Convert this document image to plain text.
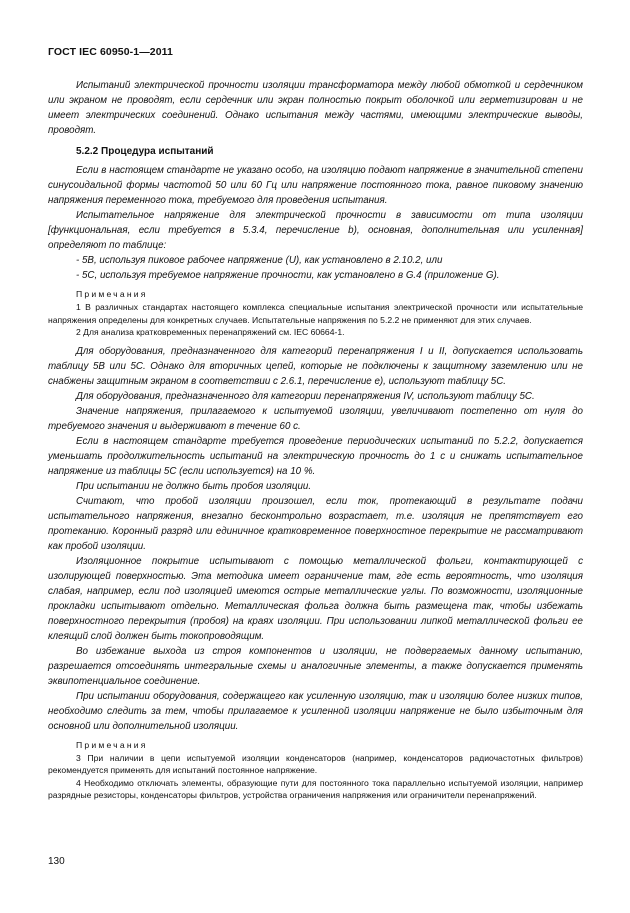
ГОСТ IEC 60950-1—2011

Испытаний электрической прочности изоляции трансформатора между любой обмоткой и сердечником или экраном не проводят, если сердечник или экран полностью покрыт оболочкой или герметизирован и не имеет электрических соединений. Однако испытания между частями, имеющими электрические выводы, проводят.

5.2.2 Процедура испытаний

Если в настоящем стандарте не указано особо, на изоляцию подают напряжение в значительной степени синусоидальной формы частотой 50 или 60 Гц или напряжение постоянного тока, равное пиковому значению напряжения переменного тока, требуемого для проведения испытания.

Испытательное напряжение для электрической прочности в зависимости от типа изоляции [функциональная, если требуется в 5.3.4, перечисление b), основная, дополнительная или усиленная] определяют по таблице:

- 5В, используя пиковое рабочее напряжение (U), как установлено в 2.10.2, или

- 5С, используя требуемое напряжение прочности, как установлено в G.4 (приложение G).

Примечания

1 В различных стандартах настоящего комплекса специальные испытания электрической прочности или испытательные напряжения определены для конкретных случаев. Испытательные напряжения по 5.2.2 не применяют для этих случаев.

2 Для анализа кратковременных перенапряжений см. IEC 60664-1.

Для оборудования, предназначенного для категорий перенапряжения I и II, допускается использовать таблицу 5В или 5С. Однако для вторичных цепей, которые не подключены к защитному заземлению или не снабжены защитным экраном в соответствии с 2.6.1, перечисление е), используют таблицу 5С.

Для оборудования, предназначенного для категории перенапряжения IV, используют таблицу 5С.

Значение напряжения, прилагаемого к испытуемой изоляции, увеличивают постепенно от нуля до требуемого значения и выдерживают в течение 60 с.

Если в настоящем стандарте требуется проведение периодических испытаний по 5.2.2, допускается уменьшать продолжительность испытаний на электрическую прочность до 1 с и снижать испытательное напряжение из таблицы 5С (если используется) на 10 %.

При испытании не должно быть пробоя изоляции.

Считают, что пробой изоляции произошел, если ток, протекающий в результате подачи испытательного напряжения, внезапно бесконтрольно возрастает, т.е. изоляция не препятствует его протеканию. Коронный разряд или единичное кратковременное поверхностное перекрытие не рассматривают как пробой изоляции.

Изоляционное покрытие испытывают с помощью металлической фольги, контактирующей с изолирующей поверхностью. Эта методика имеет ограничение там, где есть вероятность, что изоляция слабая, например, если под изоляцией имеются острые металлические углы. По возможности, изоляционные прокладки испытывают отдельно. Металлическая фольга должна быть размещена так, чтобы избежать поверхностного перекрытия (пробоя) на краях изоляции. При использовании липкой металлической фольги ее клеящий слой должен быть токопроводящим.

Во избежание выхода из строя компонентов и изоляции, не подвергаемых данному испытанию, разрешается отсоединять интегральные схемы и аналогичные элементы, а также допускается применять эквипотенциальное соединение.

При испытании оборудования, содержащего как усиленную изоляцию, так и изоляцию более низких типов, необходимо следить за тем, чтобы прилагаемое к усиленной изоляции напряжение не было избыточным для основной или дополнительной изоляции.

Примечания

3 При наличии в цепи испытуемой изоляции конденсаторов (например, конденсаторов радиочастотных фильтров) рекомендуется применять для испытаний постоянное напряжение.

4 Необходимо отключать элементы, образующие пути для постоянного тока параллельно испытуемой изоляции, например разрядные резисторы, конденсаторы фильтров, устройства ограничения напряжения или ограничители перенапряжений.

130
